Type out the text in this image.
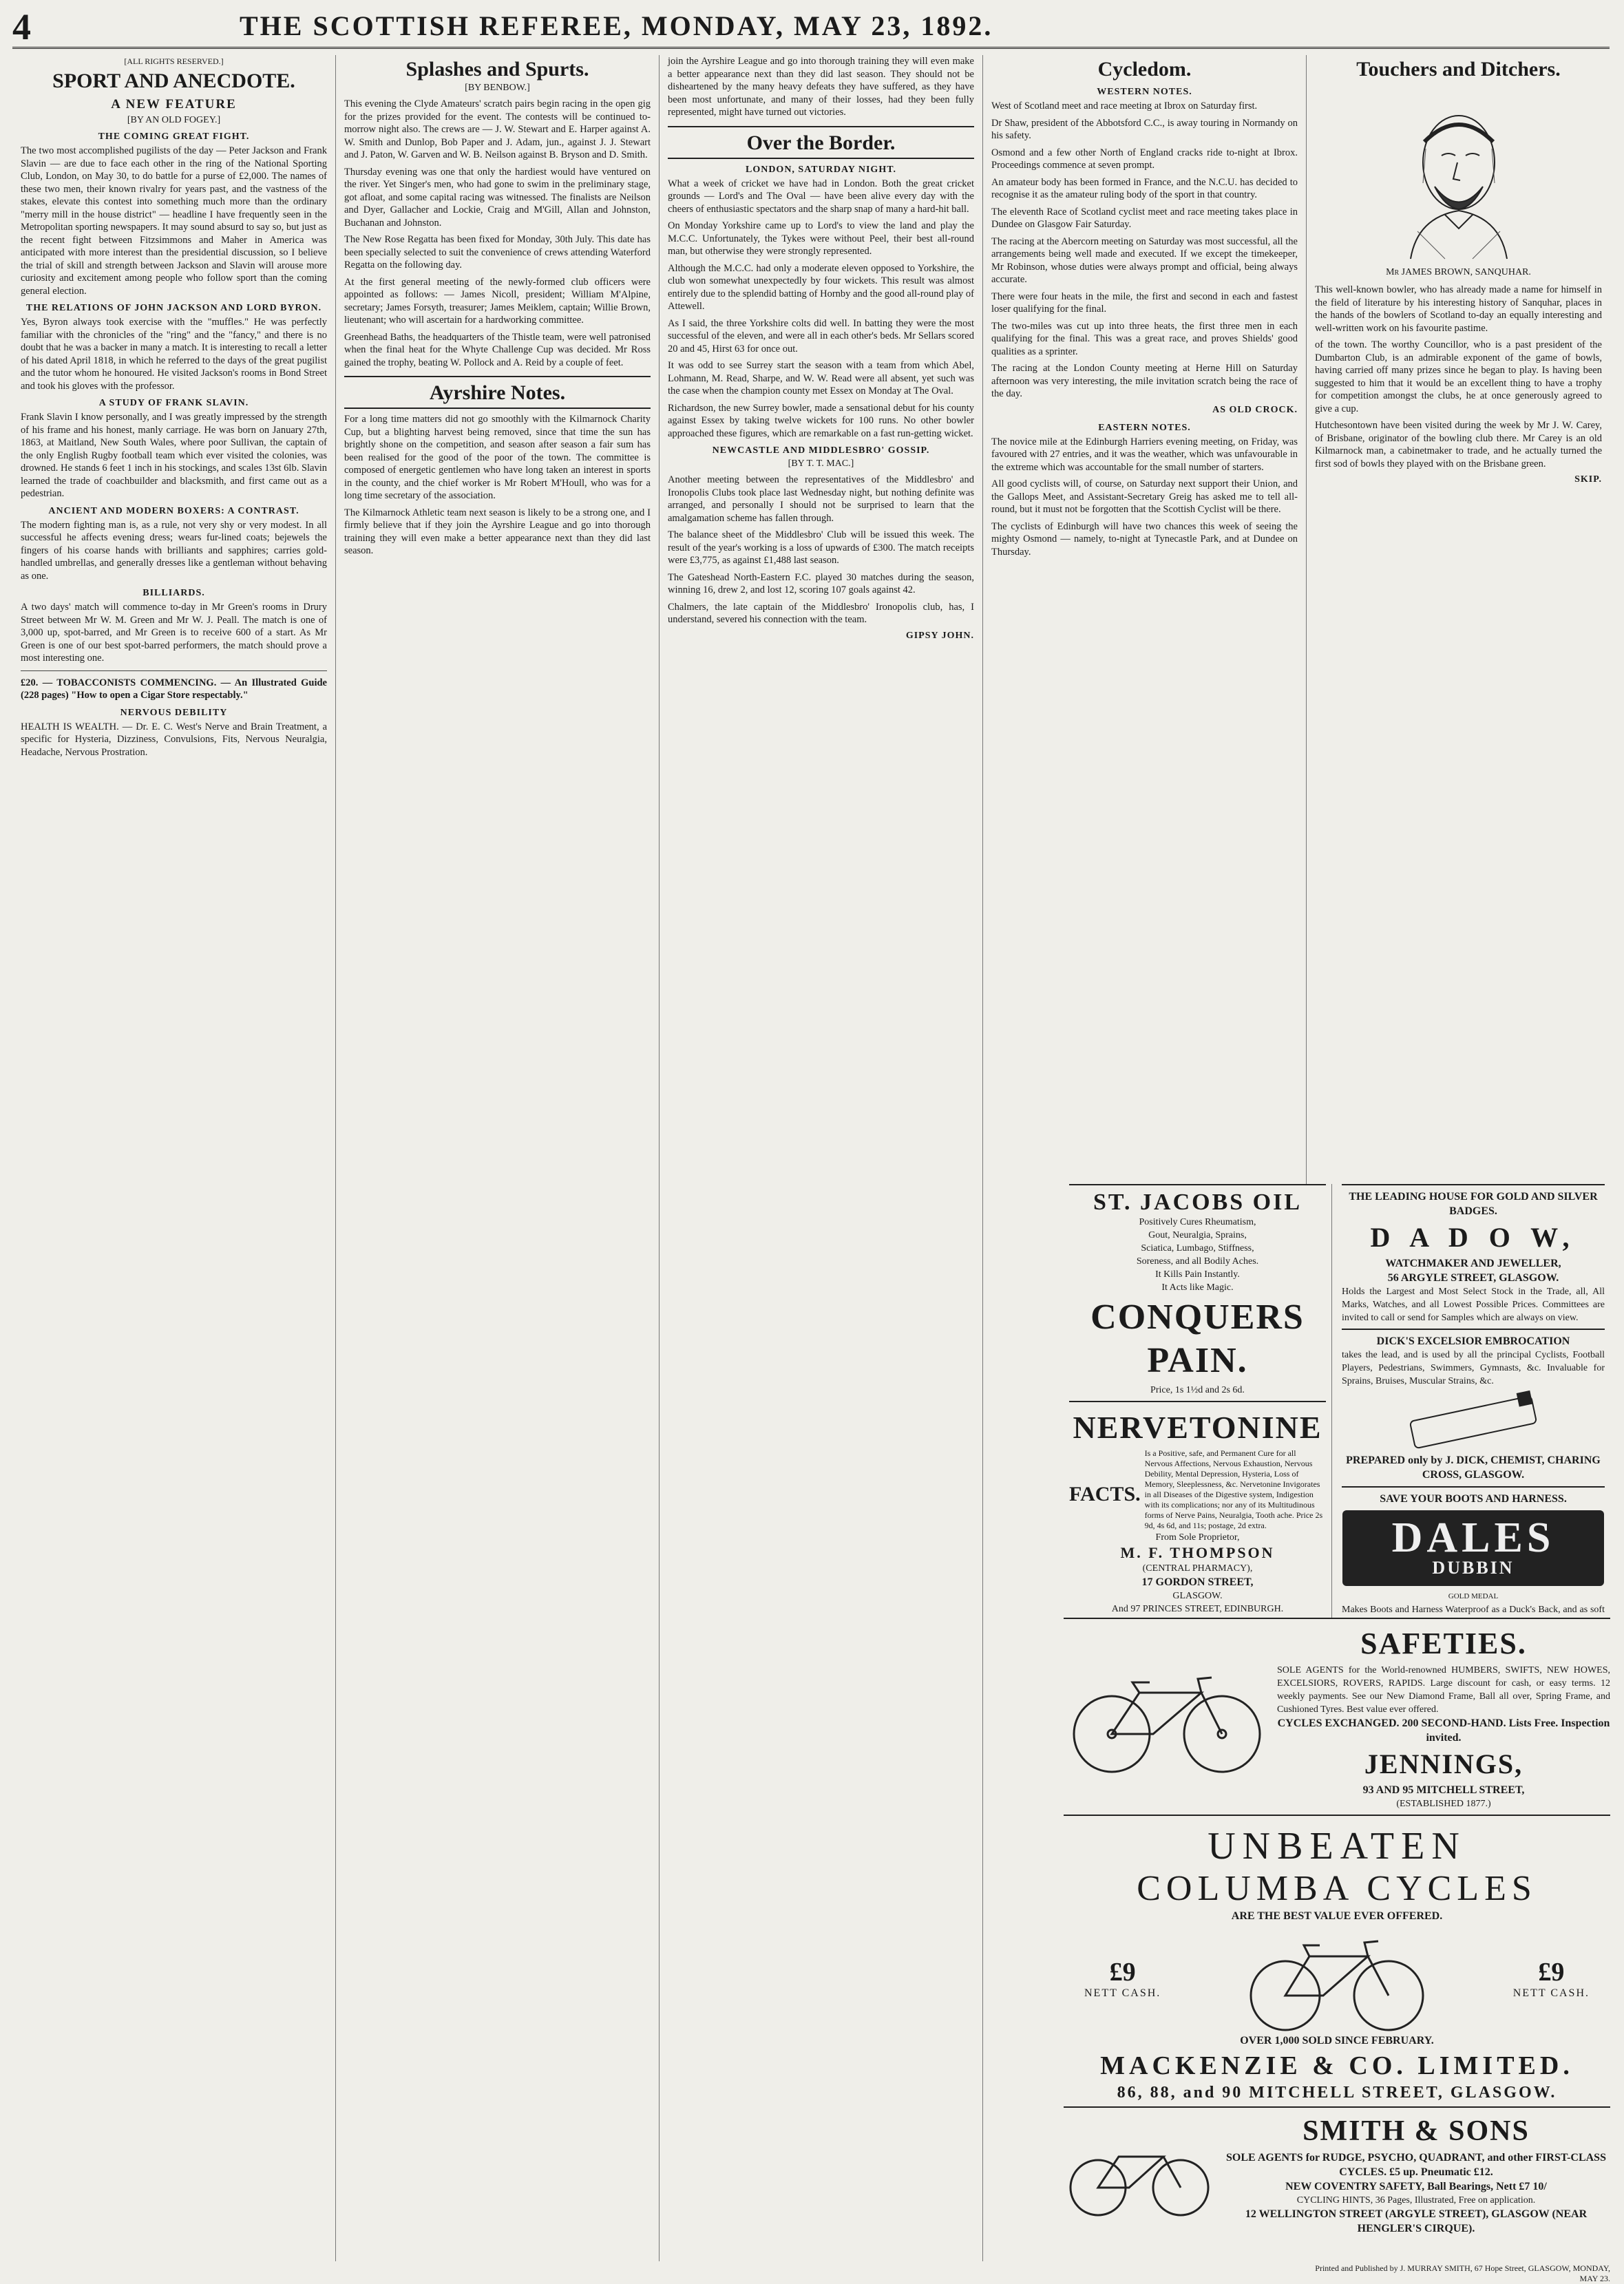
4	THE SCOTTISH REFEREE, MONDAY, MAY 23, 1892.

[ALL RIGHTS RESERVED.]

SPORT AND ANECDOTE.
A NEW FEATURE

[BY AN OLD FOGEY.]

THE COMING GREAT FIGHT.

The two most accomplished pugilists of the day — Peter Jackson and Frank Slavin — are due to face each other in the ring of the National Sporting Club, London, on May 30, to do battle for a purse of £2,000. The names of these two men, their known rivalry for years past, and the vastness of the stakes, elevate this contest into something much more than the ordinary "merry mill in the house district" — headline I have frequently seen in the Metropolitan sporting newspapers. It may sound absurd to say so, but just as the recent fight between Fitzsimmons and Maher in America was anticipated with more interest than the presidential discussion, so I believe the trial of skill and strength between Jackson and Slavin will arouse more curiosity and excitement among people who follow sport than the coming general election.

THE RELATIONS OF JOHN JACKSON AND LORD BYRON.

Yes, Byron always took exercise with the "muffles." He was perfectly familiar with the chronicles of the "ring" and the "fancy," and there is no doubt that he was a backer in many a match. It is interesting to recall a letter of his dated April 1818, in which he referred to the days of the great pugilist and the tutor whom he honoured. He visited Jackson's rooms in Bond Street and took his gloves with the professor.

A STUDY OF FRANK SLAVIN.

Frank Slavin I know personally, and I was greatly impressed by the strength of his frame and his honest, manly carriage. He was born on January 27th, 1863, at Maitland, New South Wales, where poor Sullivan, the captain of the only English Rugby football team which ever visited the colonies, was drowned. He stands 6 feet 1 inch in his stockings, and scales 13st 6lb. Slavin learned the trade of coachbuilder and blacksmith, and first came out as a pedestrian.

ANCIENT AND MODERN BOXERS: A CONTRAST.

The modern fighting man is, as a rule, not very shy or very modest. In all successful he affects evening dress; wears fur-lined coats; bejewels the fingers of his coarse hands with brilliants and sapphires; carries gold-handled umbrellas, and generally dresses like a gentleman without behaving as one.

BILLIARDS.

A two days' match will commence to-day in Mr Green's rooms in Drury Street between Mr W. M. Green and Mr W. J. Peall. The match is one of 3,000 up, spot-barred, and Mr Green is to receive 600 of a start. As Mr Green is one of our best spot-barred performers, the match should prove a most interesting one.

£20. — TOBACCONISTS COMMENCING. — An Illustrated Guide (228 pages) "How to open a Cigar Store respectably."

NERVOUS DEBILITY

HEALTH IS WEALTH. — Dr. E. C. West's Nerve and Brain Treatment, a specific for Hysteria, Dizziness, Convulsions, Fits, Nervous Neuralgia, Headache, Nervous Prostration.

Splashes and Spurts.

[BY BENBOW.]

This evening the Clyde Amateurs' scratch pairs begin racing in the open gig for the prizes provided for the event. The contests will be continued to-morrow night also. The crews are — J. W. Stewart and E. Harper against A. W. Smith and Dunlop, Bob Paper and J. Adam, jun., against J. J. Stewart and J. Paton, W. Garven and W. B. Neilson against B. Bryson and D. Smith.

Thursday evening was one that only the hardiest would have ventured on the river. Yet Singer's men, who had gone to swim in the preliminary stage, got afloat, and some capital racing was witnessed. The finalists are Neilson and Dyer, Gallacher and Lockie, Craig and M'Gill, Allan and Johnston, Buchanan and Johnston.

The New Rose Regatta has been fixed for Monday, 30th July. This date has been specially selected to suit the convenience of crews attending Waterford Regatta on the following day.

At the first general meeting of the newly-formed club officers were appointed as follows: — James Nicoll, president; William M'Alpine, secretary; James Forsyth, treasurer; James Meiklem, captain; Willie Brown, lieutenant; who will ascertain for a hardworking committee.

Greenhead Baths, the headquarters of the Thistle team, were well patronised when the final heat for the Whyte Challenge Cup was decided. Mr Ross gained the trophy, beating W. Pollock and A. Reid by a couple of feet.

Ayrshire Notes.

For a long time matters did not go smoothly with the Kilmarnock Charity Cup, but a blighting harvest being removed, since that time the sun has brightly shone on the competition, and season after season a fair sum has been realised for the good of the poor of the town. The committee is composed of energetic gentlemen who have long taken an interest in sports in the county, and the chief worker is Mr Robert M'Houll, who was for a long time secretary of the association.

The Kilmarnock Athletic team next season is likely to be a strong one, and I firmly believe that if they join the Ayrshire League and go into thorough training they will even make a better appearance next than they did last season.

join the Ayrshire League and go into thorough training they will even make a better appearance next than they did last season. They should not be disheartened by the many heavy defeats they have suffered, as they have been most unfortunate, and many of their losses, had they been fully represented, might have turned out victories.

Over the Border.
LONDON, SATURDAY NIGHT.

What a week of cricket we have had in London. Both the great cricket grounds — Lord's and The Oval — have been alive every day with the cheers of enthusiastic spectators and the sharp snap of many a hard-hit ball.

On Monday Yorkshire came up to Lord's to view the land and play the M.C.C. Unfortunately, the Tykes were without Peel, their best all-round man, but otherwise they were strongly represented.

Although the M.C.C. had only a moderate eleven opposed to Yorkshire, the club won somewhat unexpectedly by four wickets. This result was almost entirely due to the splendid batting of Hornby and the good all-round play of Attewell.

As I said, the three Yorkshire colts did well. In batting they were the most successful of the eleven, and were all in each other's beds. Mr Sellars scored 20 and 45, Hirst 63 for once out.

It was odd to see Surrey start the season with a team from which Abel, Lohmann, M. Read, Sharpe, and W. W. Read were all absent, yet such was the case when the champion county met Essex on Monday at The Oval.

Richardson, the new Surrey bowler, made a sensational debut for his county against Essex by taking twelve wickets for 100 runs. No other bowler approached these figures, which are remarkable on a fast run-getting wicket.

NEWCASTLE AND MIDDLESBRO' GOSSIP.

[BY T. T. MAC.]

Another meeting between the representatives of the Middlesbro' and Ironopolis Clubs took place last Wednesday night, but nothing definite was arranged, and personally I should not be surprised to learn that the amalgamation scheme has fallen through.

The balance sheet of the Middlesbro' Club will be issued this week. The result of the year's working is a loss of upwards of £300. The match receipts were £3,775, as against £1,488 last season.

The Gateshead North-Eastern F.C. played 30 matches during the season, winning 16, drew 2, and lost 12, scoring 107 goals against 42.

Chalmers, the late captain of the Middlesbro' Ironopolis club, has, I understand, severed his connection with the team.

GIPSY JOHN.

Cycledom.
WESTERN NOTES.

West of Scotland meet and race meeting at Ibrox on Saturday first.

Dr Shaw, president of the Abbotsford C.C., is away touring in Normandy on his safety.

Osmond and a few other North of England cracks ride to-night at Ibrox. Proceedings commence at seven prompt.

An amateur body has been formed in France, and the N.C.U. has decided to recognise it as the amateur ruling body of the sport in that country.

The eleventh Race of Scotland cyclist meet and race meeting takes place in Dundee on Glasgow Fair Saturday.

The racing at the Abercorn meeting on Saturday was most successful, all the arrangements being well made and executed. If we except the timekeeper, Mr Robinson, whose duties were always prompt and official, being always accurate.

There were four heats in the mile, the first and second in each and fastest loser qualifying for the final.

The two-miles was cut up into three heats, the first three men in each qualifying for the final. This was a great race, and proves Shields' good qualities as a sprinter.

The racing at the London County meeting at Herne Hill on Saturday afternoon was very interesting, the mile invitation scratch being the race of the day.

AS OLD CROCK.

EASTERN NOTES.

The novice mile at the Edinburgh Harriers evening meeting, on Friday, was favoured with 27 entries, and it was the weather, which was unfavourable in the extreme which was accountable for the small number of starters.

All good cyclists will, of course, on Saturday next support their Union, and the Gallops Meet, and Assistant-Secretary Greig has asked me to tell all-round, but it must not be forgotten that the Scottish Cyclist will be there.

The cyclists of Edinburgh will have two chances this week of seeing the mighty Osmond — namely, to-night at Tynecastle Park, and at Dundee on Thursday.

Touchers and Ditchers.

Mr JAMES BROWN, SANQUHAR.

This well-known bowler, who has already made a name for himself in the field of literature by his interesting history of Sanquhar, places in the hands of the bowlers of Scotland to-day an equally interesting and well-written work on his favourite pastime.

of the town. The worthy Councillor, who is a past president of the Dumbarton Club, is an admirable exponent of the game of bowls, having carried off many prizes since he began to play. Is having been suggested to him that it would be an excellent thing to have a trophy for competition amongst the clubs, he at once generously agreed to give a cup.

Hutchesontown have been visited during the week by Mr J. W. Carey, of Brisbane, originator of the bowling club there. Mr Carey is an old Kilmarnock man, a cabinetmaker to trade, and he actually turned the first sod of bowls they played with on the Brisbane green.

SKIP.

ST. JACOBS OIL
Positively Cures Rheumatism,
Gout, Neuralgia, Sprains,
Sciatica, Lumbago, Stiffness,
Soreness, and all Bodily Aches.
It Kills Pain Instantly.
It Acts like Magic.
CONQUERS
PAIN.
Price, 1s 1½d and 2s 6d.
NERVETONINE
FACTS.
Is a Positive, safe, and Permanent Cure for all Nervous Affections, Nervous Exhaustion, Nervous Debility, Mental Depression, Hysteria, Loss of Memory, Sleeplessness, &c. Nervetonine Invigorates in all Diseases of the Digestive system, Indigestion with its complications; nor any of its Multitudinous forms of Nerve Pains, Neuralgia, Tooth ache. Price 2s 9d, 4s 6d, and 11s; postage, 2d extra.
From Sole Proprietor,
M. F. THOMPSON
(CENTRAL PHARMACY),
17 GORDON STREET,
GLASGOW.
And 97 PRINCES STREET, EDINBURGH.
THE LEADING HOUSE FOR GOLD AND SILVER BADGES.
D A D O W,
WATCHMAKER AND JEWELLER,
56 ARGYLE STREET, GLASGOW.
Holds the Largest and Most Select Stock in the Trade, all, All Marks, Watches, and all Lowest Possible Prices. Committees are invited to call or send for Samples which are always on view.
DICK'S EXCELSIOR EMBROCATION
takes the lead, and is used by all the principal Cyclists, Football Players, Pedestrians, Swimmers, Gymnasts, &c. Invaluable for Sprains, Bruises, Muscular Strains, &c.
PREPARED only by J. DICK, CHEMIST, CHARING CROSS, GLASGOW.
SAVE YOUR BOOTS AND HARNESS.
DALES
DUBBIN
GOLD MEDAL
Makes Boots and Harness Waterproof as a Duck's Back, and as soft
SAFETIES.
SOLE AGENTS for the World-renowned HUMBERS, SWIFTS, NEW HOWES, EXCELSIORS, ROVERS, RAPIDS. Large discount for cash, or easy terms. 12 weekly payments. See our New Diamond Frame, Ball all over, Spring Frame, and Cushioned Tyres. Best value ever offered.
CYCLES EXCHANGED. 200 SECOND-HAND. Lists Free. Inspection invited.
JENNINGS,
93 AND 95 MITCHELL STREET,
(ESTABLISHED 1877.)
UNBEATEN
COLUMBA CYCLES
ARE THE BEST VALUE EVER OFFERED.
£9
NETT CASH.
£9
NETT CASH.
OVER 1,000 SOLD SINCE FEBRUARY.
MACKENZIE & CO. LIMITED.
86, 88, and 90 MITCHELL STREET, GLASGOW.
SMITH & SONS
SOLE AGENTS for RUDGE, PSYCHO, QUADRANT, and other FIRST-CLASS CYCLES. £5 up. Pneumatic £12.
NEW COVENTRY SAFETY, Ball Bearings, Nett £7 10/
CYCLING HINTS, 36 Pages, Illustrated, Free on application.
12 WELLINGTON STREET (ARGYLE STREET), GLASGOW (NEAR HENGLER'S CIRQUE).
Printed and Published by J. MURRAY SMITH, 67 Hope Street, GLASGOW, MONDAY, MAY 23.
